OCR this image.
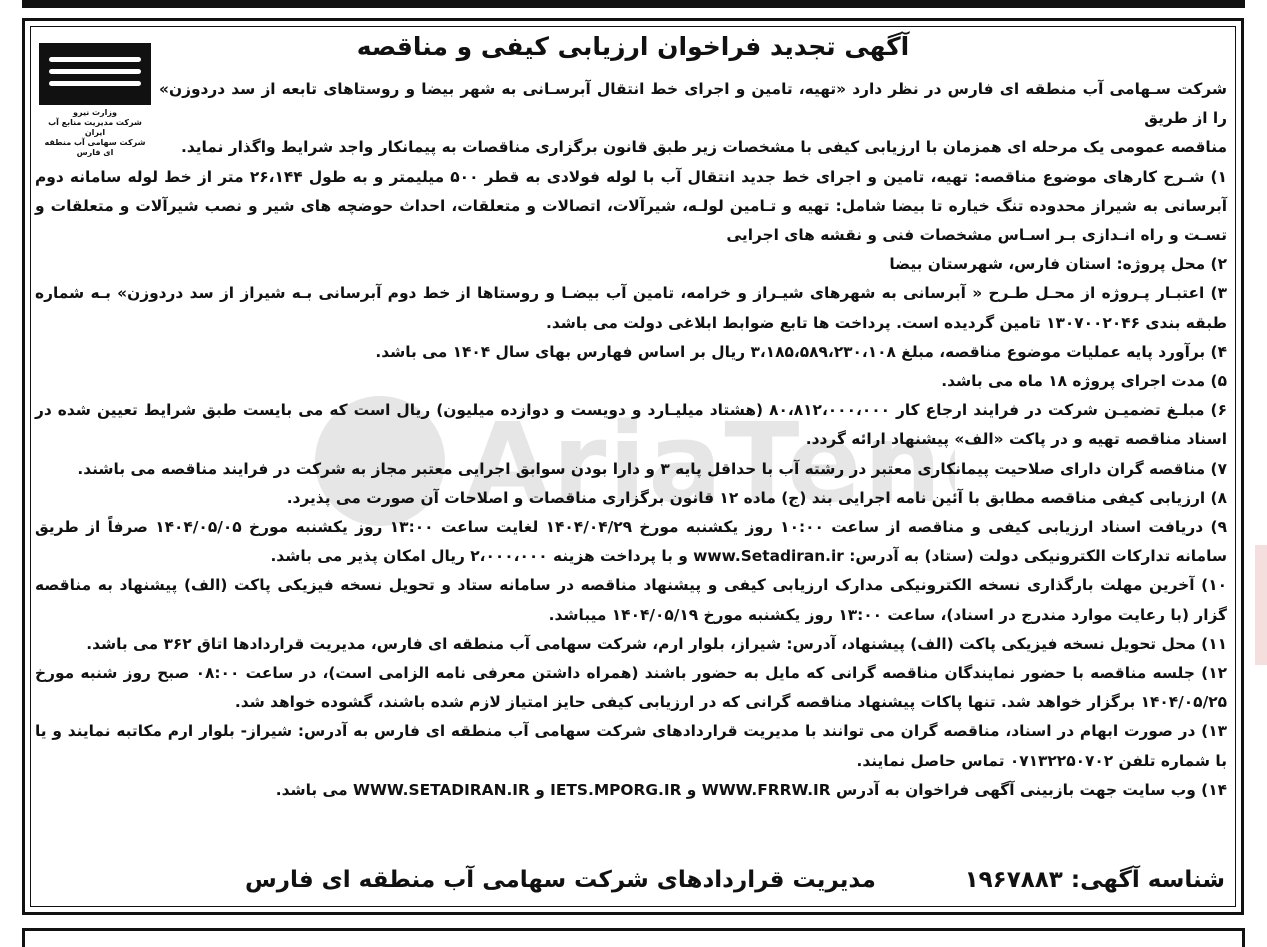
AriaTen
وزارت نیرو
شرکت مدیریت منابع آب ایران
شرکت سهامی آب منطقه ای فارس
آگهی تجدید فراخوان ارزیابی کیفی و مناقصه

شرکت سـهامی آب منطقه ای فارس در نظر دارد «تهیه، تامین و اجرای خط انتقال آبرسـانی به شهر بیضا و روستاهای تابعه از سد دردوزن» را از طریق

مناقصه عمومی یک مرحله ای همزمان با ارزیابی کیفی با مشخصات زیر طبق قانون برگزاری مناقصات به پیمانکار واجد شرایط واگذار نماید.

۱) شـرح کارهای موضوع مناقصه: تهیه، تامین و اجرای خط جدید انتقال آب با لوله فولادی به قطر ۵۰۰ میلیمتر و به طول ۲۶،۱۴۴ متر از خط لوله سامانه دوم آبرسانی به شیراز محدوده تنگ خیاره تا بیضا شامل: تهیه و تـامین لولـه، شیرآلات، اتصالات و متعلقات، احداث حوضچه های شیر و نصب شیرآلات و متعلقات و تسـت و راه انـدازی بـر اسـاس مشخصات فنی و نقشه های اجرایی

۲) محل پروژه: استان فارس، شهرستان بیضا

۳) اعتبـار پـروژه از محـل طـرح « آبرسانی به شهرهای شیـراز و خرامه، تامین آب بیضـا و روستاها از خط دوم آبرسانی بـه شیراز از سد دردوزن» بـه شماره طبقه بندی ۱۳۰۷۰۰۲۰۴۶ تامین گردیده است. پرداخت ها تابع ضوابط ابلاغی دولت می باشد.

۴) برآورد پایه عملیات موضوع مناقصه، مبلغ ۳،۱۸۵،۵۸۹،۲۳۰،۱۰۸ ریال بر اساس فهارس بهای سال ۱۴۰۴ می باشد.

۵) مدت اجرای پروژه ۱۸ ماه می باشد.

۶) مبلـغ تضمیـن شرکت در فرایند ارجاع کار ۸۰،۸۱۲،۰۰۰،۰۰۰ (هشتاد میلیـارد و دویست و دوازده میلیون) ریال است که می بایست طبق شرایط تعیین شده در اسناد مناقصه تهیه و در پاکت «الف» پیشنهاد ارائه گردد.

۷) مناقصه گران دارای صلاحیت پیمانکاری معتبر در رشته آب با حداقل پایه ۳ و دارا بودن سوابق اجرایی معتبر مجاز به شرکت در فرایند مناقصه می باشند.

۸) ارزیابی کیفی مناقصه مطابق با آئین نامه اجرایی بند (ج) ماده ۱۲ قانون برگزاری مناقصات و اصلاحات آن صورت می پذیرد.

۹) دریافت اسناد ارزیابی کیفی و مناقصه از ساعت ۱۰:۰۰ روز یکشنبه مورخ ۱۴۰۴/۰۴/۲۹ لغایت ساعت ۱۳:۰۰ روز یکشنبه مورخ ۱۴۰۴/۰۵/۰۵ صرفاً از طریق سامانه تدارکات الکترونیکی دولت (ستاد) به آدرس: www.Setadiran.ir و با پرداخت هزینه ۲،۰۰۰،۰۰۰ ریال امکان پذیر می باشد.

۱۰) آخرین مهلت بارگذاری نسخه الکترونیکی مدارک ارزیابی کیفی و پیشنهاد مناقصه در سامانه ستاد و تحویل نسخه فیزیکی پاکت (الف) پیشنهاد به مناقصه گزار (با رعایت موارد مندرج در اسناد)، ساعت ۱۳:۰۰ روز یکشنبه مورخ ۱۴۰۴/۰۵/۱۹ میباشد.

۱۱) محل تحویل نسخه فیزیکی پاکت (الف) پیشنهاد، آدرس: شیراز، بلوار ارم، شرکت سهامی آب منطقه ای فارس، مدیریت قراردادها اتاق ۳۶۲ می باشد.

۱۲) جلسه مناقصه با حضور نمایندگان مناقصه گرانی که مایل به حضور باشند (همراه داشتن معرفی نامه الزامی است)، در ساعت ۰۸:۰۰ صبح روز شنبه مورخ ۱۴۰۴/۰۵/۲۵ برگزار خواهد شد. تنها پاکات پیشنهاد مناقصه گرانی که در ارزیابی کیفی حایز امتیاز لازم شده باشند، گشوده خواهد شد.

۱۳) در صورت ابهام در اسناد، مناقصه گران می توانند با مدیریت قراردادهای شرکت سهامی آب منطقه ای فارس به آدرس: شیراز- بلوار ارم مکاتبه نمایند و یا با شماره تلفن ۰۷۱۳۲۲۵۰۷۰۲ تماس حاصل نمایند.

۱۴) وب سایت جهت بازبینی آگهی فراخوان به آدرس WWW.FRRW.IR و IETS.MPORG.IR و WWW.SETADIRAN.IR می باشد.

شناسه آگهی: ۱۹۶۷۸۸۳
مدیریت قراردادهای شرکت سهامی آب منطقه ای فارس
